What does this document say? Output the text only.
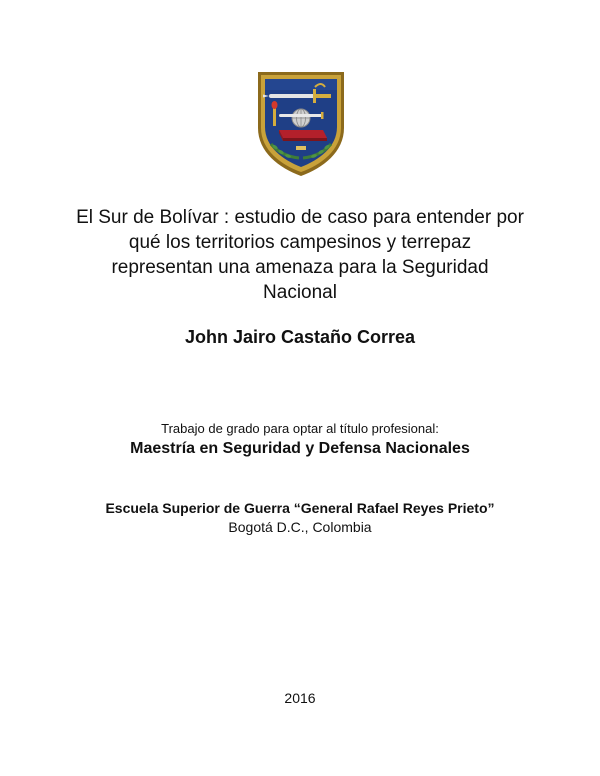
El Sur de Bolívar : estudio de caso para entender por
qué los territorios campesinos y terrepaz
representan una amenaza para la Seguridad
Nacional
John Jairo Castaño Correa
Trabajo de grado para optar al título profesional:
Maestría en Seguridad y Defensa Nacionales
Escuela Superior de Guerra “General Rafael Reyes Prieto”
Bogotá D.C., Colombia
2016
